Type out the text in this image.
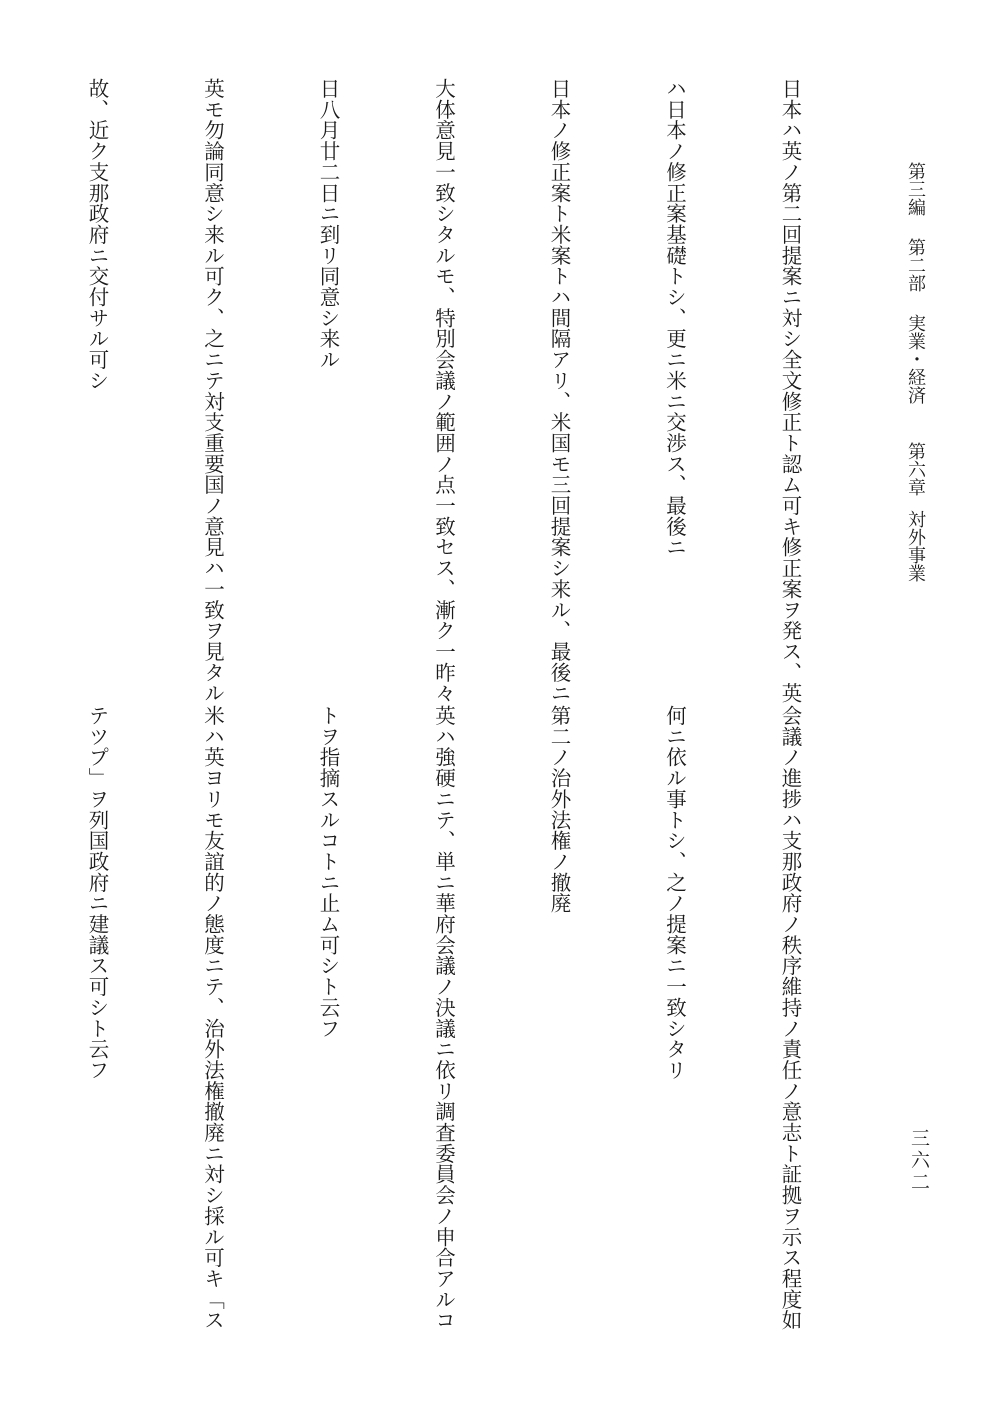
第三編第二部実業・経済第六章対外事業
三六二

日本ハ英ノ第二回提案ニ対シ全文修正ト認ム可キ修正案ヲ発ス、英

ハ日本ノ修正案基礎トシ、更ニ米ニ交渉ス、最後ニ

日本ノ修正案ト米案トハ間隔アリ、米国モ三回提案シ来ル、最後ニ

大体意見一致シタルモ、特別会議ノ範囲ノ点一致セス、漸ク一昨々

日八月廿二日ニ到リ同意シ来ル

英モ勿論同意シ来ル可ク、之ニテ対支重要国ノ意見ハ一致ヲ見タル

故、近ク支那政府ニ交付サル可シ

会議ノ進捗ハ支那政府ノ秩序維持ノ責任ノ意志ト証拠ヲ示ス程度如

何ニ依ル事トシ、之ノ提案ニ一致シタリ

第二ノ治外法権ノ撤廃

英ハ強硬ニテ、単ニ華府会議ノ決議ニ依リ調査委員会ノ申合アルコ

トヲ指摘スルコトニ止ム可シト云フ

米ハ英ヨリモ友誼的ノ態度ニテ、治外法権撤廃ニ対シ採ル可キ「ス

テツプ」ヲ列国政府ニ建議ス可シト云フ
